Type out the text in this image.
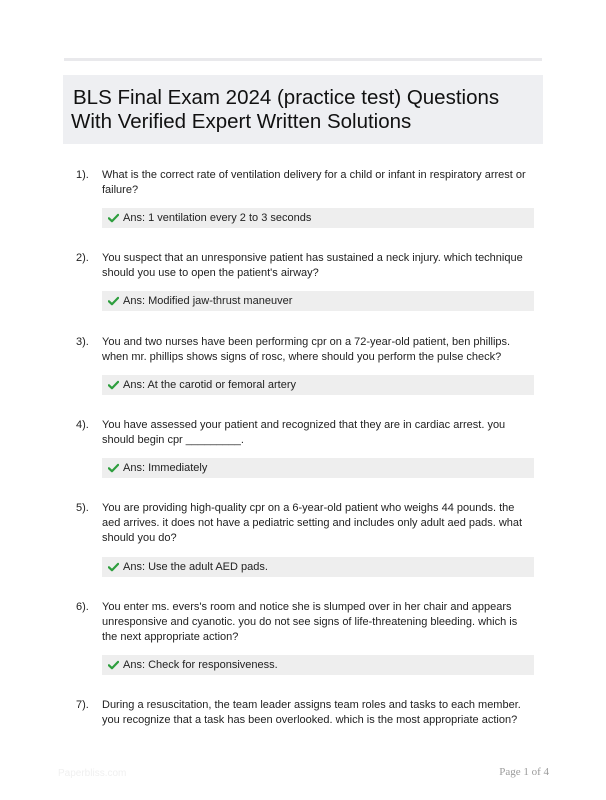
BLS Final Exam 2024 (practice test) Questions
With Verified Expert Written Solutions
1). What is the correct rate of ventilation delivery for a child or infant in respiratory arrest or failure?
Ans: 1 ventilation every 2 to 3 seconds
2). You suspect that an unresponsive patient has sustained a neck injury. which technique should you use to open the patient's airway?
Ans: Modified jaw-thrust maneuver
3). You and two nurses have been performing cpr on a 72-year-old patient, ben phillips. when mr. phillips shows signs of rosc, where should you perform the pulse check?
Ans: At the carotid or femoral artery
4). You have assessed your patient and recognized that they are in cardiac arrest. you should begin cpr _________.
Ans: Immediately
5). You are providing high-quality cpr on a 6-year-old patient who weighs 44 pounds. the aed arrives. it does not have a pediatric setting and includes only adult aed pads. what should you do?
Ans: Use the adult AED pads.
6). You enter ms. evers's room and notice she is slumped over in her chair and appears unresponsive and cyanotic. you do not see signs of life-threatening bleeding. which is the next appropriate action?
Ans: Check for responsiveness.
7). During a resuscitation, the team leader assigns team roles and tasks to each member. you recognize that a task has been overlooked. which is the most appropriate action?
Paperbliss.com	Page 1 of 4
